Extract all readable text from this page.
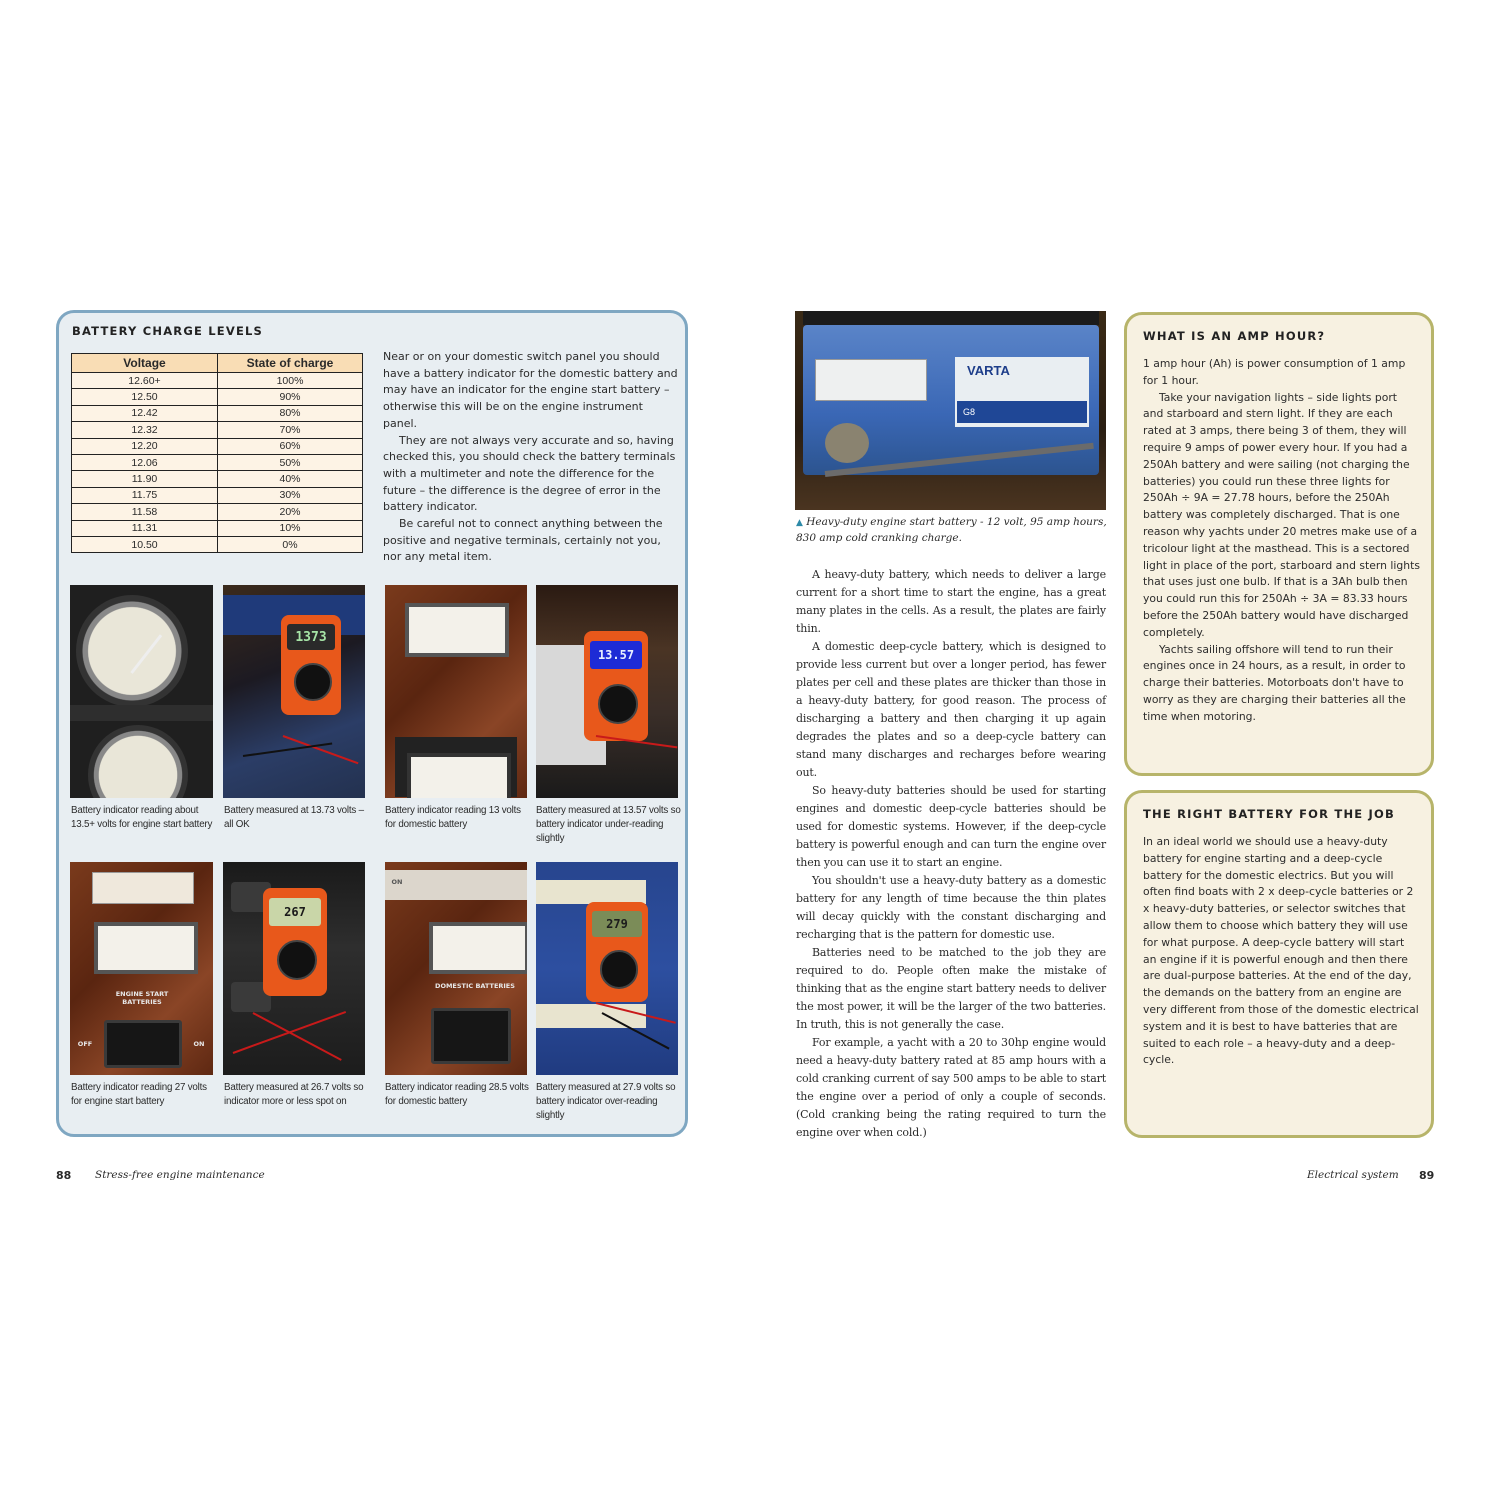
BATTERY CHARGE LEVELS
Voltage	State of charge
12.60+	100%
12.50	90%
12.42	80%
12.32	70%
12.20	60%
12.06	50%
11.90	40%
11.75	30%
11.58	20%
11.31	10%
10.50	0%

Near or on your domestic switch panel you should have a battery indicator for the domestic battery and may have an indicator for the engine start battery – otherwise this will be on the engine instrument panel.

They are not always very accurate and so, having checked this, you should check the battery terminals with a multimeter and note the difference for the future – the difference is the degree of error in the battery indicator.

Be careful not to connect anything between the positive and negative terminals, certainly not you, nor any metal item.

1373
13.57
Battery indicator reading about 13.5+ volts for engine start battery
Battery measured at 13.73 volts – all OK
Battery indicator reading 13 volts for domestic battery
Battery measured at 13.57 volts so battery indicator under-reading slightly
ENGINE START BATTERIES
OFF	ON
267
ON
DOMESTIC BATTERIES
279
Battery indicator reading 27 volts for engine start battery
Battery measured at 26.7 volts so indicator more or less spot on
Battery indicator reading 28.5 volts for domestic battery
Battery measured at 27.9 volts so battery indicator over-reading slightly
88 Stress-free engine maintenance
VARTA
G8
▲ Heavy-duty engine start battery - 12 volt, 95 amp hours, 830 amp cold cranking charge.

A heavy-duty battery, which needs to deliver a large current for a short time to start the engine, has a great many plates in the cells. As a result, the plates are fairly thin.

A domestic deep-cycle battery, which is designed to provide less current but over a longer period, has fewer plates per cell and these plates are thicker than those in a heavy-duty battery, for good reason. The process of discharging a battery and then charging it up again degrades the plates and so a deep-cycle battery can stand many discharges and recharges before wearing out.

So heavy-duty batteries should be used for starting engines and domestic deep-cycle batteries should be used for domestic systems. However, if the deep-cycle battery is powerful enough and can turn the engine over then you can use it to start an engine.

You shouldn't use a heavy-duty battery as a domestic battery for any length of time because the thin plates will decay quickly with the constant discharging and recharging that is the pattern for domestic use.

Batteries need to be matched to the job they are required to do. People often make the mistake of thinking that as the engine start battery needs to deliver the most power, it will be the larger of the two batteries. In truth, this is not generally the case.

For example, a yacht with a 20 to 30hp engine would need a heavy-duty battery rated at 85 amp hours with a cold cranking current of say 500 amps to be able to start the engine over a period of only a couple of seconds. (Cold cranking being the rating required to turn the engine over when cold.)

WHAT IS AN AMP HOUR?

1 amp hour (Ah) is power consumption of 1 amp for 1 hour.

Take your navigation lights – side lights port and starboard and stern light. If they are each rated at 3 amps, there being 3 of them, they will require 9 amps of power every hour. If you had a 250Ah battery and were sailing (not charging the batteries) you could run these three lights for 250Ah ÷ 9A = 27.78 hours, before the 250Ah battery was completely discharged. That is one reason why yachts under 20 metres make use of a tricolour light at the masthead. This is a sectored light in place of the port, starboard and stern lights that uses just one bulb. If that is a 3Ah bulb then you could run this for 250Ah ÷ 3A = 83.33 hours before the 250Ah battery would have discharged completely.

Yachts sailing offshore will tend to run their engines once in 24 hours, as a result, in order to charge their batteries. Motorboats don't have to worry as they are charging their batteries all the time when motoring.

THE RIGHT BATTERY FOR THE JOB

In an ideal world we should use a heavy-duty battery for engine starting and a deep-cycle battery for the domestic electrics. But you will often find boats with 2 x deep-cycle batteries or 2 x heavy-duty batteries, or selector switches that allow them to choose which battery they will use for what purpose. A deep-cycle battery will start an engine if it is powerful enough and then there are dual-purpose batteries. At the end of the day, the demands on the battery from an engine are very different from those of the domestic electrical system and it is best to have batteries that are suited to each role – a heavy-duty and a deep-cycle.

Electrical system 89
